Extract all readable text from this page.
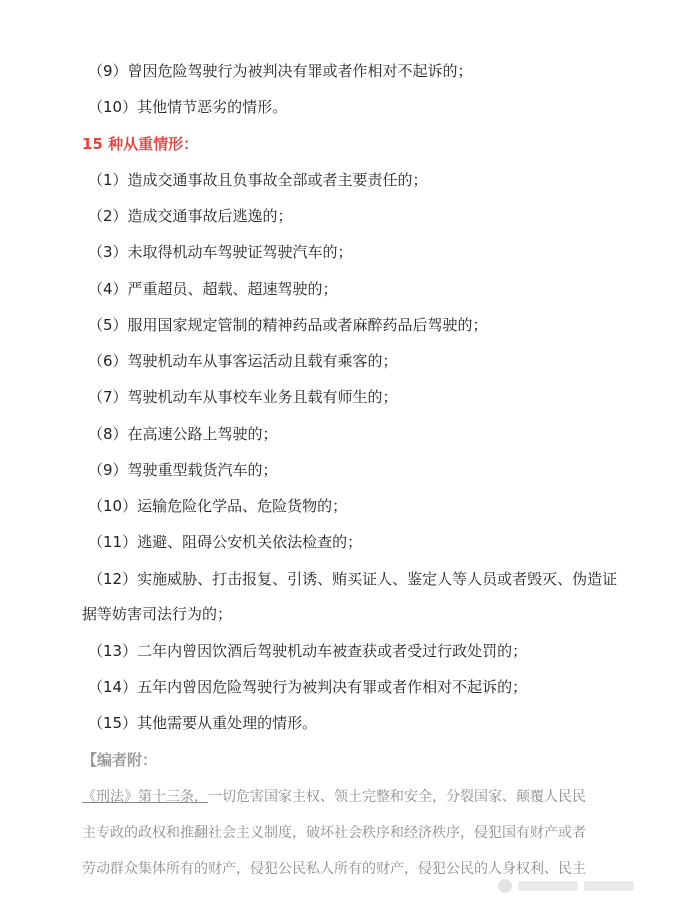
（9）曾因危险驾驶行为被判决有罪或者作相对不起诉的；
（10）其他情节恶劣的情形。
15 种从重情形：
（1）造成交通事故且负事故全部或者主要责任的；
（2）造成交通事故后逃逸的；
（3）未取得机动车驾驶证驾驶汽车的；
（4）严重超员、超载、超速驾驶的；
（5）服用国家规定管制的精神药品或者麻醉药品后驾驶的；
（6）驾驶机动车从事客运活动且载有乘客的；
（7）驾驶机动车从事校车业务且载有师生的；
（8）在高速公路上驾驶的；
（9）驾驶重型载货汽车的；
（10）运输危险化学品、危险货物的；
（11）逃避、阻碍公安机关依法检查的；
（12）实施威胁、打击报复、引诱、贿买证人、鉴定人等人员或者毁灭、伪造证
据等妨害司法行为的；
（13）二年内曾因饮酒后驾驶机动车被查获或者受过行政处罚的；
（14）五年内曾因危险驾驶行为被判决有罪或者作相对不起诉的；
（15）其他需要从重处理的情形。
【编者附：
《刑法》第十三条，一切危害国家主权、领土完整和安全，分裂国家、颠覆人民民
主专政的政权和推翻社会主义制度，破坏社会秩序和经济秩序，侵犯国有财产或者
劳动群众集体所有的财产，侵犯公民私人所有的财产，侵犯公民的人身权利、民主
